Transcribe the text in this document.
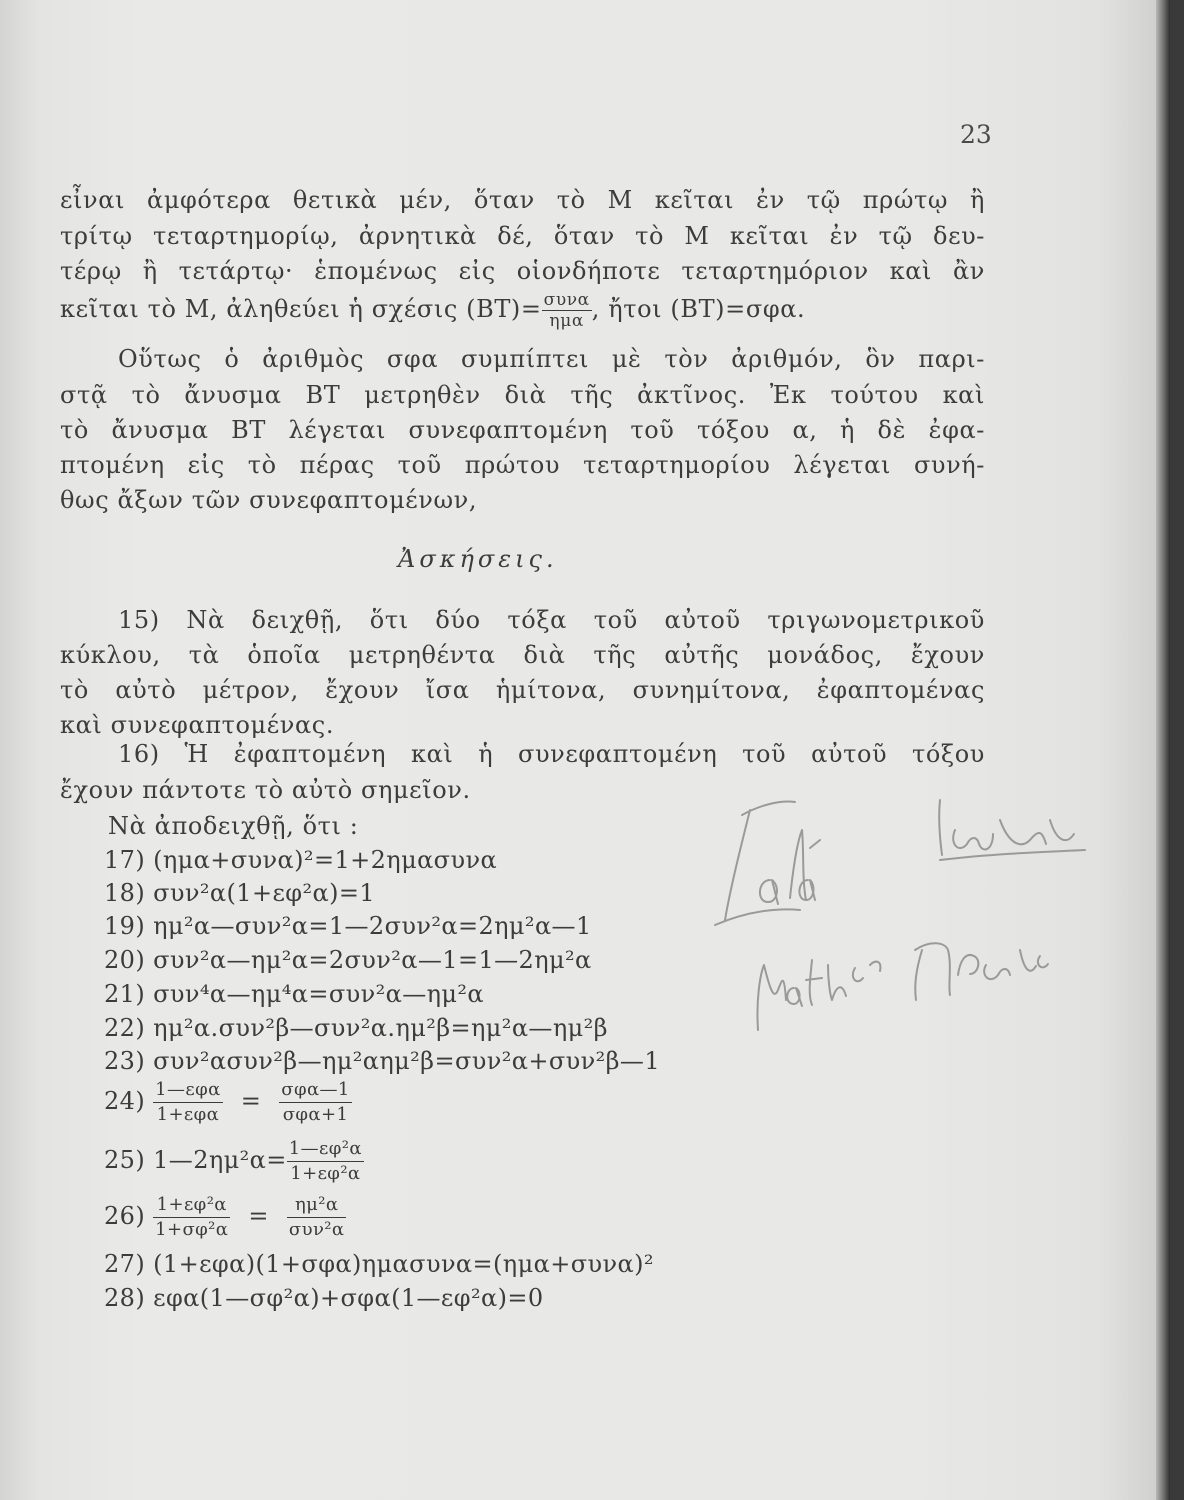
23
εἶναι ἀμφότερα θετικὰ μέν, ὅταν τὸ Μ κεῖται ἐν τῷ πρώτῳ ἢ
τρίτῳ τεταρτημορίῳ, ἀρνητικὰ δέ, ὅταν τὸ Μ κεῖται ἐν τῷ δευ-
τέρῳ ἢ τετάρτῳ· ἑπομένως εἰς οἱονδήποτε τεταρτημόριον καὶ ἂν
κεῖται τὸ Μ, ἀληθεύει ἡ σχέσις $(BT)= \frac{\text{συνα}}{\text{ημα}}$ , ἤτοι (ΒΤ)=σφα.
Οὕτως ὁ ἀριθμὸς σφα συμπίπτει μὲ τὸν ἀριθμόν, ὃν παρι-
στᾷ τὸ ἄνυσμα ΒΤ μετρηθὲν διὰ τῆς ἀκτῖνος. Ἐκ τούτου καὶ
τὸ ἄνυσμα ΒΤ λέγεται συνεφαπτομένη τοῦ τόξου α, ἡ δὲ ἐφα-
πτομένη εἰς τὸ πέρας τοῦ πρώτου τεταρτημορίου λέγεται συνή-
θως ἄξων τῶν συνεφαπτομένων,
Ἀσκήσεις.
15) Νὰ δειχθῇ, ὅτι δύο τόξα τοῦ αὐτοῦ τριγωνομετρικοῦ
κύκλου, τὰ ὁποῖα μετρηθέντα διὰ τῆς αὐτῆς μονάδος, ἔχουν
τὸ αὐτὸ μέτρον, ἔχουν ἴσα ἡμίτονα, συνημίτονα, ἐφαπτομένας
καὶ συνεφαπτομένας.
16) Ἡ ἐφαπτομένη καὶ ἡ συνεφαπτομένη τοῦ αὐτοῦ τόξου
ἔχουν πάντοτε τὸ αὐτὸ σημεῖον.
Νὰ ἀποδειχθῇ, ὅτι :
17) (ημα+συνα)²=1+2ημασυνα
18) συν²α(1+εφ²α)=1
19) ημ²α—συν²α=1—2συν²α=2ημ²α—1
20) συν²α—ημ²α=2συν²α—1=1—2ημ²α
21) συν⁴α—ημ⁴α=συν²α—ημ²α
22) ημ²α.συν²β—συν²α.ημ²β=ημ²α—ημ²β
23) συν²ασυν²β—ημ²αημ²β=συν²α+συν²β—1
$24) \frac{\text{1—εφα}}{\text{1+εφα}} = \frac{\text{σφα—1}}{\text{σφα+1}}$
25) 1—2ημ²α= $\frac{\text{1—εφ²α}}{\text{1+εφ²α}}$
$26) \frac{\text{1+εφ²α}}{\text{1+σφ²α}} = \frac{\text{ημ²α}}{\text{συν²α}}$
27) (1+εφα)(1+σφα)ημασυνα=(ημα+συνα)²
28) εφα(1—σφ²α)+σφα(1—εφ²α)=0
